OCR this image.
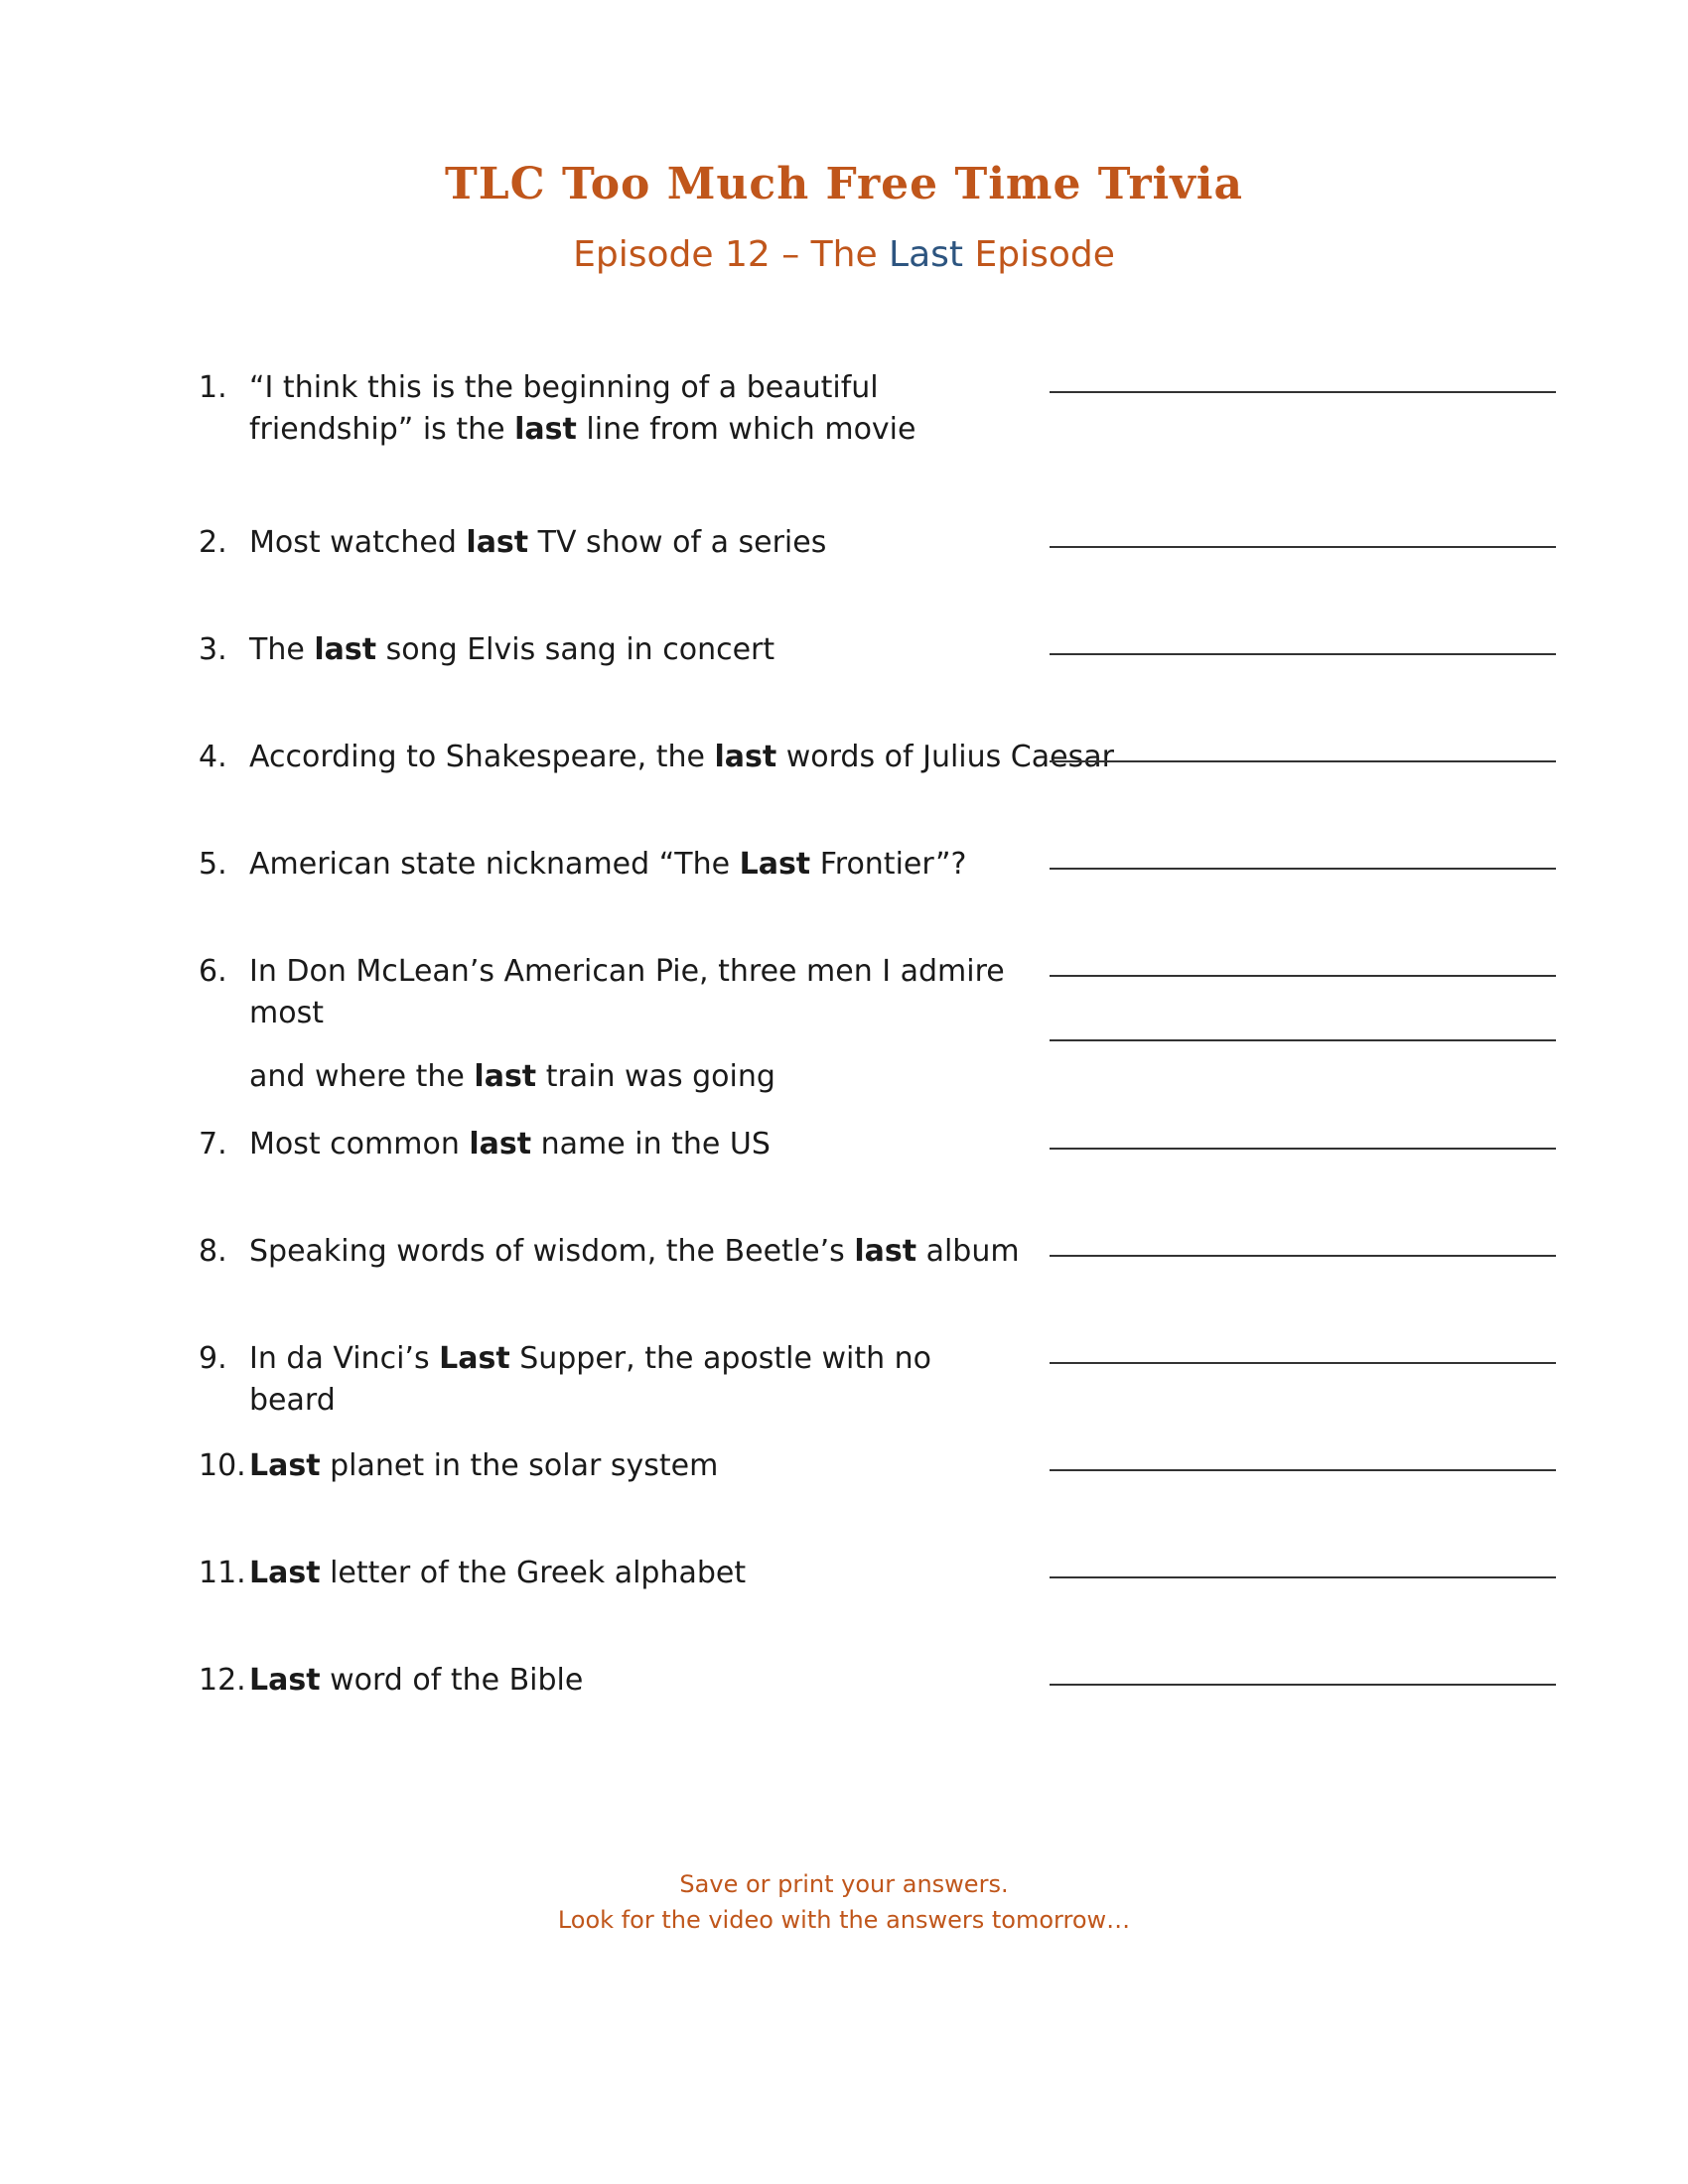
TLC Too Much Free Time Trivia
Episode 12 – The Last Episode
1. “I think this is the beginning of a beautiful friendship” is the last line from which movie
2. Most watched last TV show of a series
3. The last song Elvis sang in concert
4. According to Shakespeare, the last words of Julius Caesar
5. American state nicknamed “The Last Frontier”?
6. In Don McLean’s American Pie, three men I admire most
and where the last train was going
7. Most common last name in the US
8. Speaking words of wisdom, the Beetle’s last album
9. In da Vinci’s Last Supper, the apostle with no beard
10. Last planet in the solar system
11. Last letter of the Greek alphabet
12. Last word of the Bible
Save or print your answers.
Look for the video with the answers tomorrow…
